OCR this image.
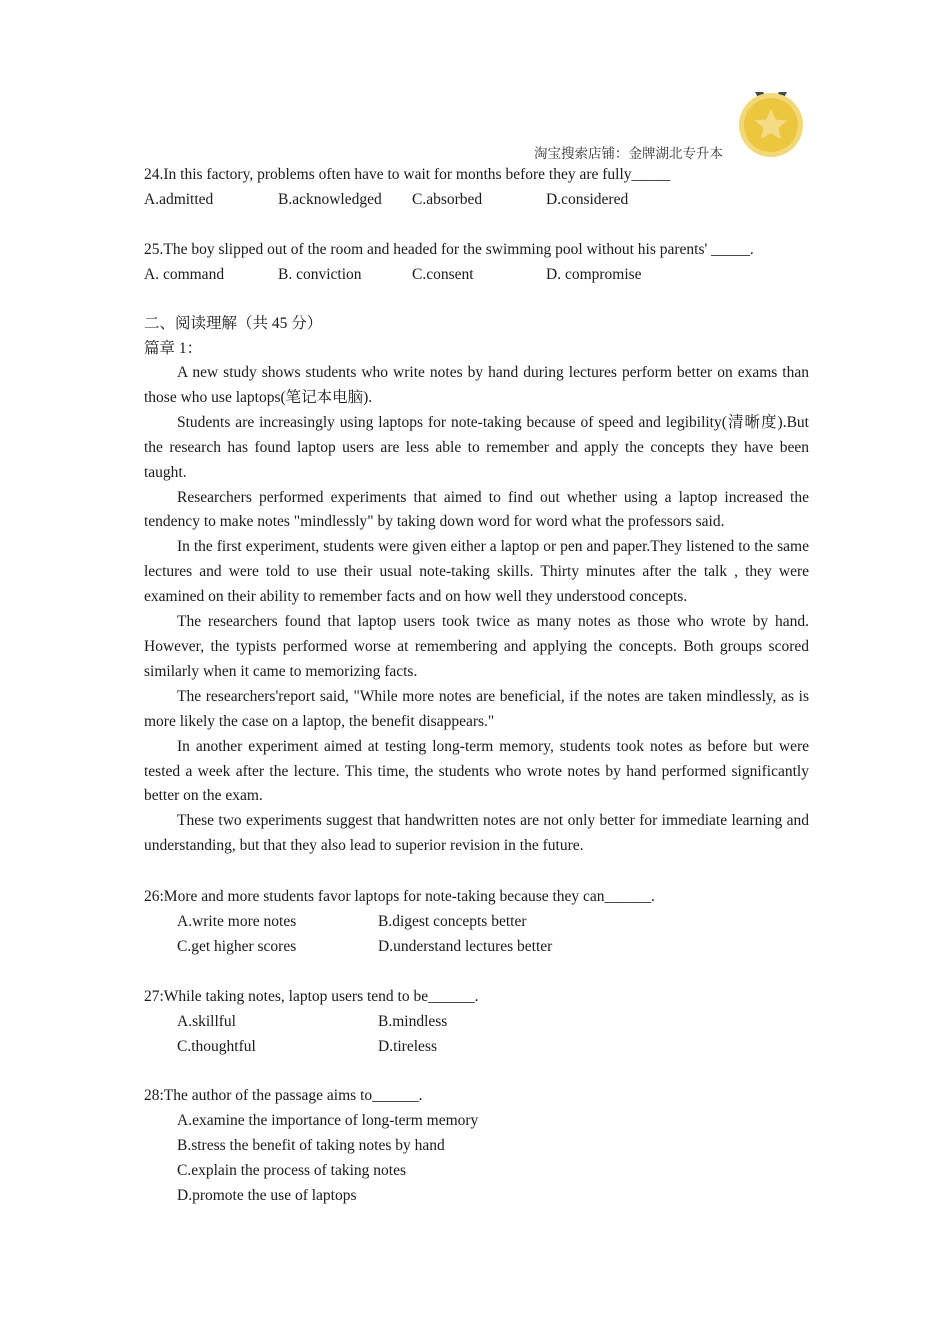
淘宝搜索店铺：金牌湖北专升本
24.In this factory, problems often have to wait for months before they are fully_____
A.admitted	B.acknowledged C.absorbed	D.considered
25.The boy slipped out of the room and headed for the swimming pool without his parents' _____.
A. command	B. conviction	C.consent	D. compromise
二、阅读理解（共 45 分）
篇章 1：

A new study shows students who write notes by hand during lectures perform better on exams than those who use laptops(笔记本电脑).

Students are increasingly using laptops for note-taking because of speed and legibility(清晰度).But the research has found laptop users are less able to remember and apply the concepts they have been taught.

Researchers performed experiments that aimed to find out whether using a laptop increased the tendency to make notes "mindlessly" by taking down word for word what the professors said.

In the first experiment, students were given either a laptop or pen and paper.They listened to the same lectures and were told to use their usual note-taking skills. Thirty minutes after the talk , they were examined on their ability to remember facts and on how well they understood concepts.

The researchers found that laptop users took twice as many notes as those who wrote by hand. However, the typists performed worse at remembering and applying the concepts. Both groups scored similarly when it came to memorizing facts.

The researchers'report said, "While more notes are beneficial, if the notes are taken mindlessly, as is more likely the case on a laptop, the benefit disappears."

In another experiment aimed at testing long-term memory, students took notes as before but were tested a week after the lecture. This time, the students who wrote notes by hand performed significantly better on the exam.

These two experiments suggest that handwritten notes are not only better for immediate learning and understanding, but that they also lead to superior revision in the future.

26:More and more students favor laptops for note-taking because they can______.
A.write more notes	B.digest concepts better
C.get higher scores	D.understand lectures better
27:While taking notes, laptop users tend to be______.
A.skillful	B.mindless
C.thoughtful	D.tireless
28:The author of the passage aims to______.
A.examine the importance of long-term memory
B.stress the benefit of taking notes by hand
C.explain the process of taking notes
D.promote the use of laptops
